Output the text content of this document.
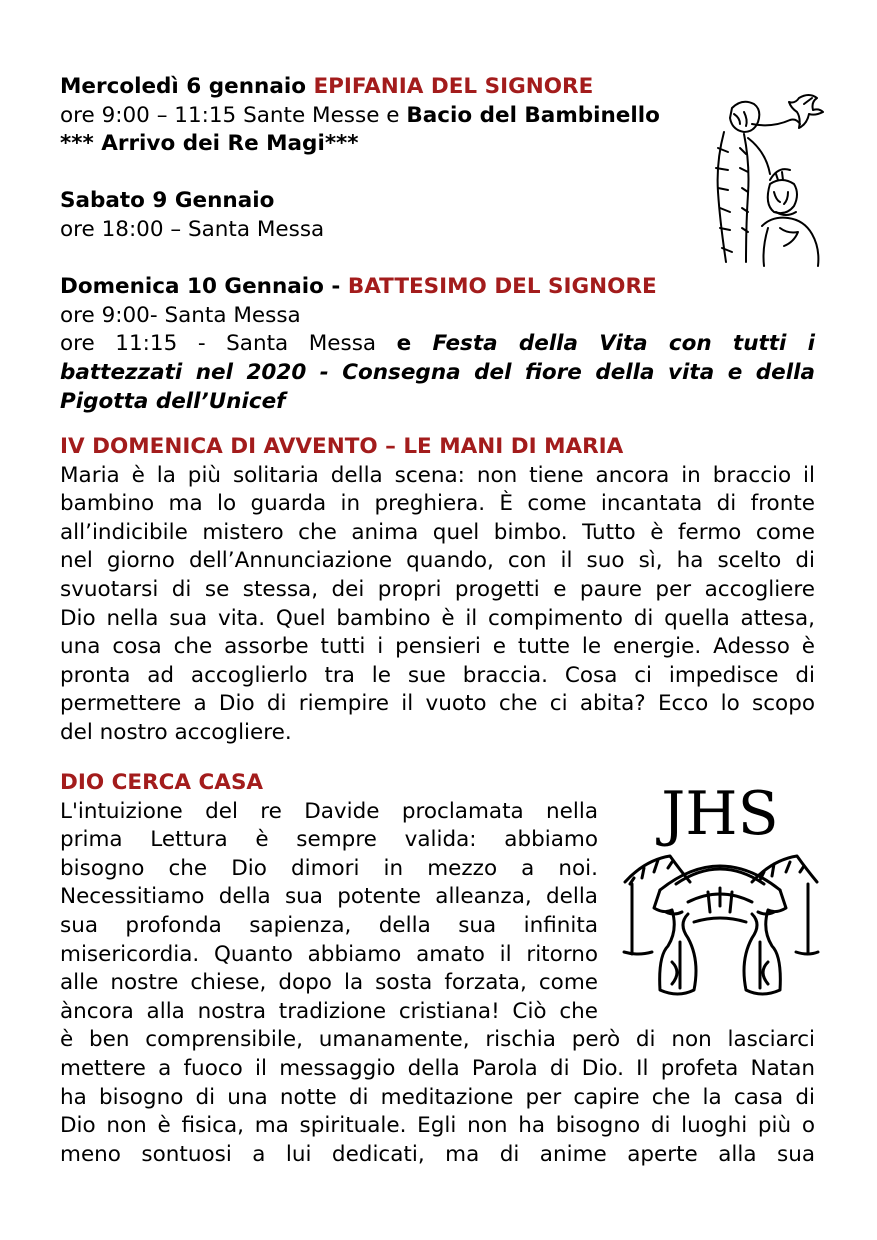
Mercoledì 6 gennaio EPIFANIA DEL SIGNORE
ore 9:00 – 11:15 Sante Messe e Bacio del Bambinello
*** Arrivo dei Re Magi***
Sabato 9 Gennaio
ore 18:00 – Santa Messa
Domenica 10 Gennaio - BATTESIMO DEL SIGNORE
ore 9:00- Santa Messa
ore 11:15 - Santa Messa e Festa della Vita con tutti i
battezzati nel 2020 - Consegna del fiore della vita e della
Pigotta dell’Unicef
IV DOMENICA DI AVVENTO – LE MANI DI MARIA
Maria è la più solitaria della scena: non tiene ancora in braccio il
bambino ma lo guarda in preghiera. È come incantata di fronte
all’indicibile mistero che anima quel bimbo. Tutto è fermo come
nel giorno dell’Annunciazione quando, con il suo sì, ha scelto di
svuotarsi di se stessa, dei propri progetti e paure per accogliere
Dio nella sua vita. Quel bambino è il compimento di quella attesa,
una cosa che assorbe tutti i pensieri e tutte le energie. Adesso è
pronta ad accoglierlo tra le sue braccia. Cosa ci impedisce di
permettere a Dio di riempire il vuoto che ci abita? Ecco lo scopo
del nostro accogliere.
DIO CERCA CASA
L'intuizione del re Davide proclamata nella
prima Lettura è sempre valida: abbiamo
bisogno che Dio dimori in mezzo a noi.
Necessitiamo della sua potente alleanza, della
sua profonda sapienza, della sua infinita
misericordia. Quanto abbiamo amato il ritorno
alle nostre chiese, dopo la sosta forzata, come
àncora alla nostra tradizione cristiana! Ciò che
è ben comprensibile, umanamente, rischia però di non lasciarci
mettere a fuoco il messaggio della Parola di Dio. Il profeta Natan
ha bisogno di una notte di meditazione per capire che la casa di
Dio non è fisica, ma spirituale. Egli non ha bisogno di luoghi più o
meno sontuosi a lui dedicati, ma di anime aperte alla sua
JHS
